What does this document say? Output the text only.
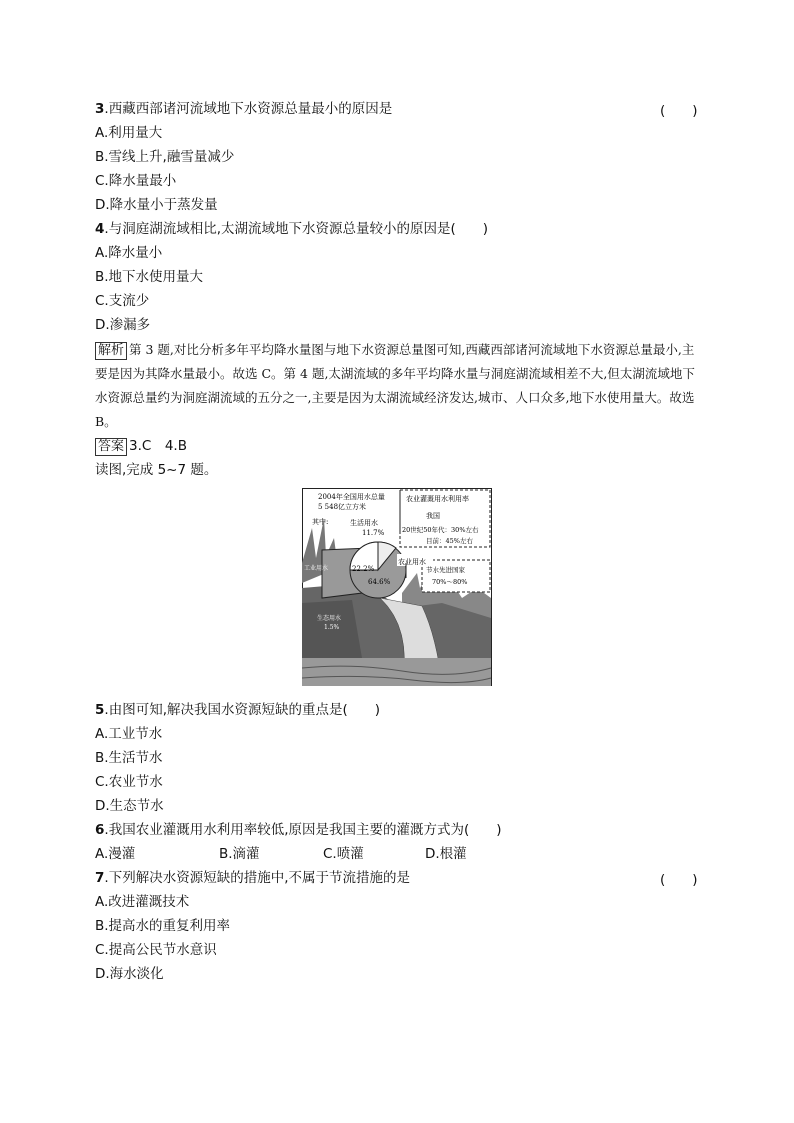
3.西藏西部诸河流域地下水资源总量最小的原因是	(　　)
A.利用量大
B.雪线上升,融雪量减少
C.降水量最小
D.降水量小于蒸发量
4.与洞庭湖流域相比,太湖流域地下水资源总量较小的原因是(　　)
A.降水量小
B.地下水使用量大
C.支流少
D.渗漏多
解析 第 3 题,对比分析多年平均降水量图与地下水资源总量图可知,西藏西部诸河流域地下水资源总量最小,主要是因为其降水量最小。故选 C。第 4 题,太湖流域的多年平均降水量与洞庭湖流域相差不大,但太湖流域地下水资源总量约为洞庭湖流域的五分之一,主要是因为太湖流域经济发达,城市、人口众多,地下水使用量大。故选 B。
答案 3.C　4.B
读图,完成 5~7 题。
2004年全国用水总量
5 548亿立方米
其中:	生活用水
11.7%
22.2%
64.6%
农业用水
工业用水
生态用水
1.5%
农业灌溉用水利用率
我国
20世纪50年代：30%左右
目前：45%左右
节水先进国家
70%～80%
5.由图可知,解决我国水资源短缺的重点是(　　)
A.工业节水
B.生活节水
C.农业节水
D.生态节水
6.我国农业灌溉用水利用率较低,原因是我国主要的灌溉方式为(　　)
A.漫灌	B.滴灌	C.喷灌	D.根灌
7.下列解决水资源短缺的措施中,不属于节流措施的是	(　　)
A.改进灌溉技术
B.提高水的重复利用率
C.提高公民节水意识
D.海水淡化
